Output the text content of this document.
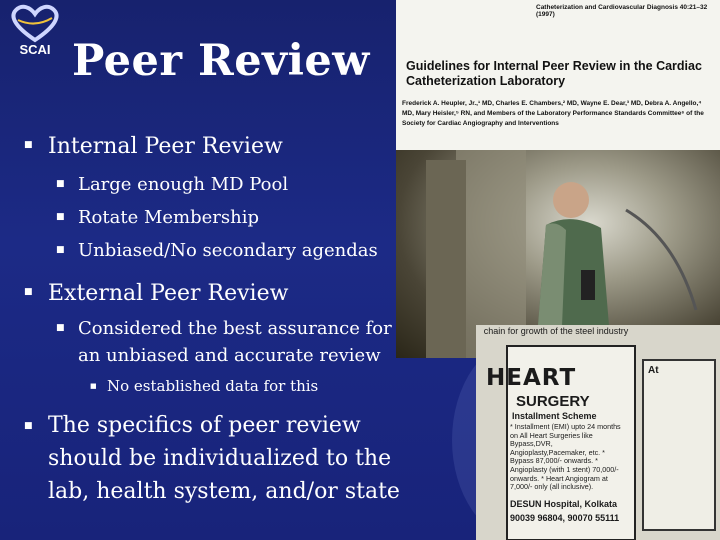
SCAI Peer Review
■ Internal Peer Review
■ Large enough MD Pool
■ Rotate Membership
■ Unbiased/No secondary agendas
■ External Peer Review
■ Considered the best assurance for
an unbiased and accurate review
■ No established data for this
■ The specifics of peer review
should be individualized to the
lab, health system, and/or state
Catheterization and Cardiovascular Diagnosis 40:21–32 (1997)
Guidelines for Internal Peer Review in the Cardiac Catheterization Laboratory
Frederick A. Heupler, Jr.,¹ MD, Charles E. Chambers,² MD, Wayne E. Dear,³ MD, Debra A. Angello,⁴ MD, Mary Heisler,⁵ RN, and Members of the Laboratory Performance Standards Committee⁶ of the Society for Cardiac Angiography and Interventions
chain for growth of the steel industry
HEART
SURGERY
Installment Scheme
* Installment (EMI) upto 24 months on All Heart Surgeries like Bypass,DVR, Angioplasty,Pacemaker, etc. * Bypass 87,000/- onwards. * Angioplasty (with 1 stent) 70,000/- onwards. * Heart Angiogram at 7,000/- only (all inclusive).
DESUN Hospital, Kolkata
90039 96804, 90070 55111
At
